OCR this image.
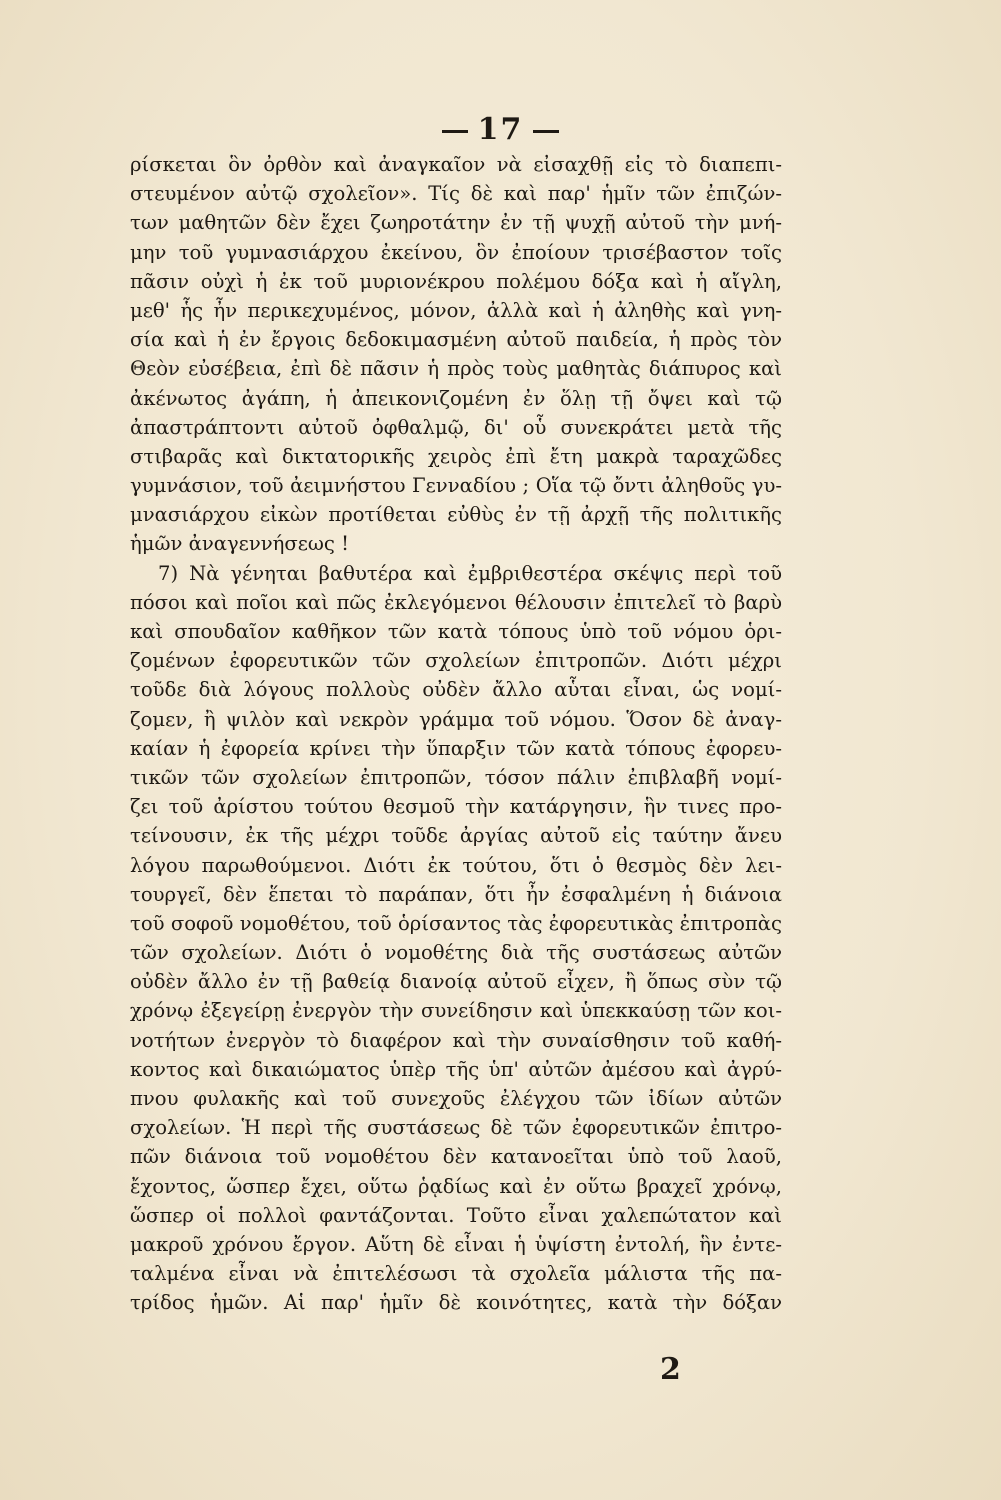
17
ρίσκεται ὃν ὀρθὸν καὶ ἀναγκαῖον νὰ εἰσαχθῇ εἰς τὸ διαπεπι-
στευμένον αὐτῷ σχολεῖον». Τίς δὲ καὶ παρ' ἡμῖν τῶν ἐπιζών-
των μαθητῶν δὲν ἔχει ζωηροτάτην ἐν τῇ ψυχῇ αὐτοῦ τὴν μνή-
μην τοῦ γυμνασιάρχου ἐκείνου, ὃν ἐποίουν τρισέβαστον τοῖς
πᾶσιν οὐχὶ ἡ ἐκ τοῦ μυριονέκρου πολέμου δόξα καὶ ἡ αἴγλη,
μεθ' ἧς ἦν περικεχυμένος, μόνον, ἀλλὰ καὶ ἡ ἀληθὴς καὶ γνη-
σία καὶ ἡ ἐν ἔργοις δεδοκιμασμένη αὐτοῦ παιδεία, ἡ πρὸς τὸν
Θεὸν εὐσέβεια, ἐπὶ δὲ πᾶσιν ἡ πρὸς τοὺς μαθητὰς διάπυρος καὶ
ἀκένωτος ἀγάπη, ἡ ἀπεικονιζομένη ἐν ὅλῃ τῇ ὄψει καὶ τῷ
ἀπαστράπτοντι αὐτοῦ ὀφθαλμῷ, δι' οὗ συνεκράτει μετὰ τῆς
στιβαρᾶς καὶ δικτατορικῆς χειρὸς ἐπὶ ἔτη μακρὰ ταραχῶδες
γυμνάσιον, τοῦ ἀειμνήστου Γενναδίου ; Οἵα τῷ ὄντι ἀληθοῦς γυ-
μνασιάρχου εἰκὼν προτίθεται εὐθὺς ἐν τῇ ἀρχῇ τῆς πολιτικῆς
ἡμῶν ἀναγεννήσεως !
7) Νὰ γένηται βαθυτέρα καὶ ἐμβριθεστέρα σκέψις περὶ τοῦ
πόσοι καὶ ποῖοι καὶ πῶς ἐκλεγόμενοι θέλουσιν ἐπιτελεῖ τὸ βαρὺ
καὶ σπουδαῖον καθῆκον τῶν κατὰ τόπους ὑπὸ τοῦ νόμου ὁρι-
ζομένων ἐφορευτικῶν τῶν σχολείων ἐπιτροπῶν. Διότι μέχρι
τοῦδε διὰ λόγους πολλοὺς οὐδὲν ἄλλο αὗται εἶναι, ὡς νομί-
ζομεν, ἢ ψιλὸν καὶ νεκρὸν γράμμα τοῦ νόμου. Ὅσον δὲ ἀναγ-
καίαν ἡ ἐφορεία κρίνει τὴν ὕπαρξιν τῶν κατὰ τόπους ἐφορευ-
τικῶν τῶν σχολείων ἐπιτροπῶν, τόσον πάλιν ἐπιβλαβῆ νομί-
ζει τοῦ ἀρίστου τούτου θεσμοῦ τὴν κατάργησιν, ἣν τινες προ-
τείνουσιν, ἐκ τῆς μέχρι τοῦδε ἀργίας αὐτοῦ εἰς ταύτην ἄνευ
λόγου παρωθούμενοι. Διότι ἐκ τούτου, ὅτι ὁ θεσμὸς δὲν λει-
τουργεῖ, δὲν ἕπεται τὸ παράπαν, ὅτι ἦν ἐσφαλμένη ἡ διάνοια
τοῦ σοφοῦ νομοθέτου, τοῦ ὁρίσαντος τὰς ἐφορευτικὰς ἐπιτροπὰς
τῶν σχολείων. Διότι ὁ νομοθέτης διὰ τῆς συστάσεως αὐτῶν
οὐδὲν ἄλλο ἐν τῇ βαθείᾳ διανοίᾳ αὐτοῦ εἶχεν, ἢ ὅπως σὺν τῷ
χρόνῳ ἐξεγείρῃ ἐνεργὸν τὴν συνείδησιν καὶ ὑπεκκαύσῃ τῶν κοι-
νοτήτων ἐνεργὸν τὸ διαφέρον καὶ τὴν συναίσθησιν τοῦ καθή-
κοντος καὶ δικαιώματος ὑπὲρ τῆς ὑπ' αὐτῶν ἀμέσου καὶ ἀγρύ-
πνου φυλακῆς καὶ τοῦ συνεχοῦς ἐλέγχου τῶν ἰδίων αὐτῶν
σχολείων. Ἡ περὶ τῆς συστάσεως δὲ τῶν ἐφορευτικῶν ἐπιτρο-
πῶν διάνοια τοῦ νομοθέτου δὲν κατανοεῖται ὑπὸ τοῦ λαοῦ,
ἔχοντος, ὥσπερ ἔχει, οὕτω ῥᾳδίως καὶ ἐν οὕτω βραχεῖ χρόνῳ,
ὥσπερ οἱ πολλοὶ φαντάζονται. Τοῦτο εἶναι χαλεπώτατον καὶ
μακροῦ χρόνου ἔργον. Αὕτη δὲ εἶναι ἡ ὑψίστη ἐντολή, ἣν ἐντε-
ταλμένα εἶναι νὰ ἐπιτελέσωσι τὰ σχολεῖα μάλιστα τῆς πα-
τρίδος ἡμῶν. Αἱ παρ' ἡμῖν δὲ κοινότητες, κατὰ τὴν δόξαν
2
